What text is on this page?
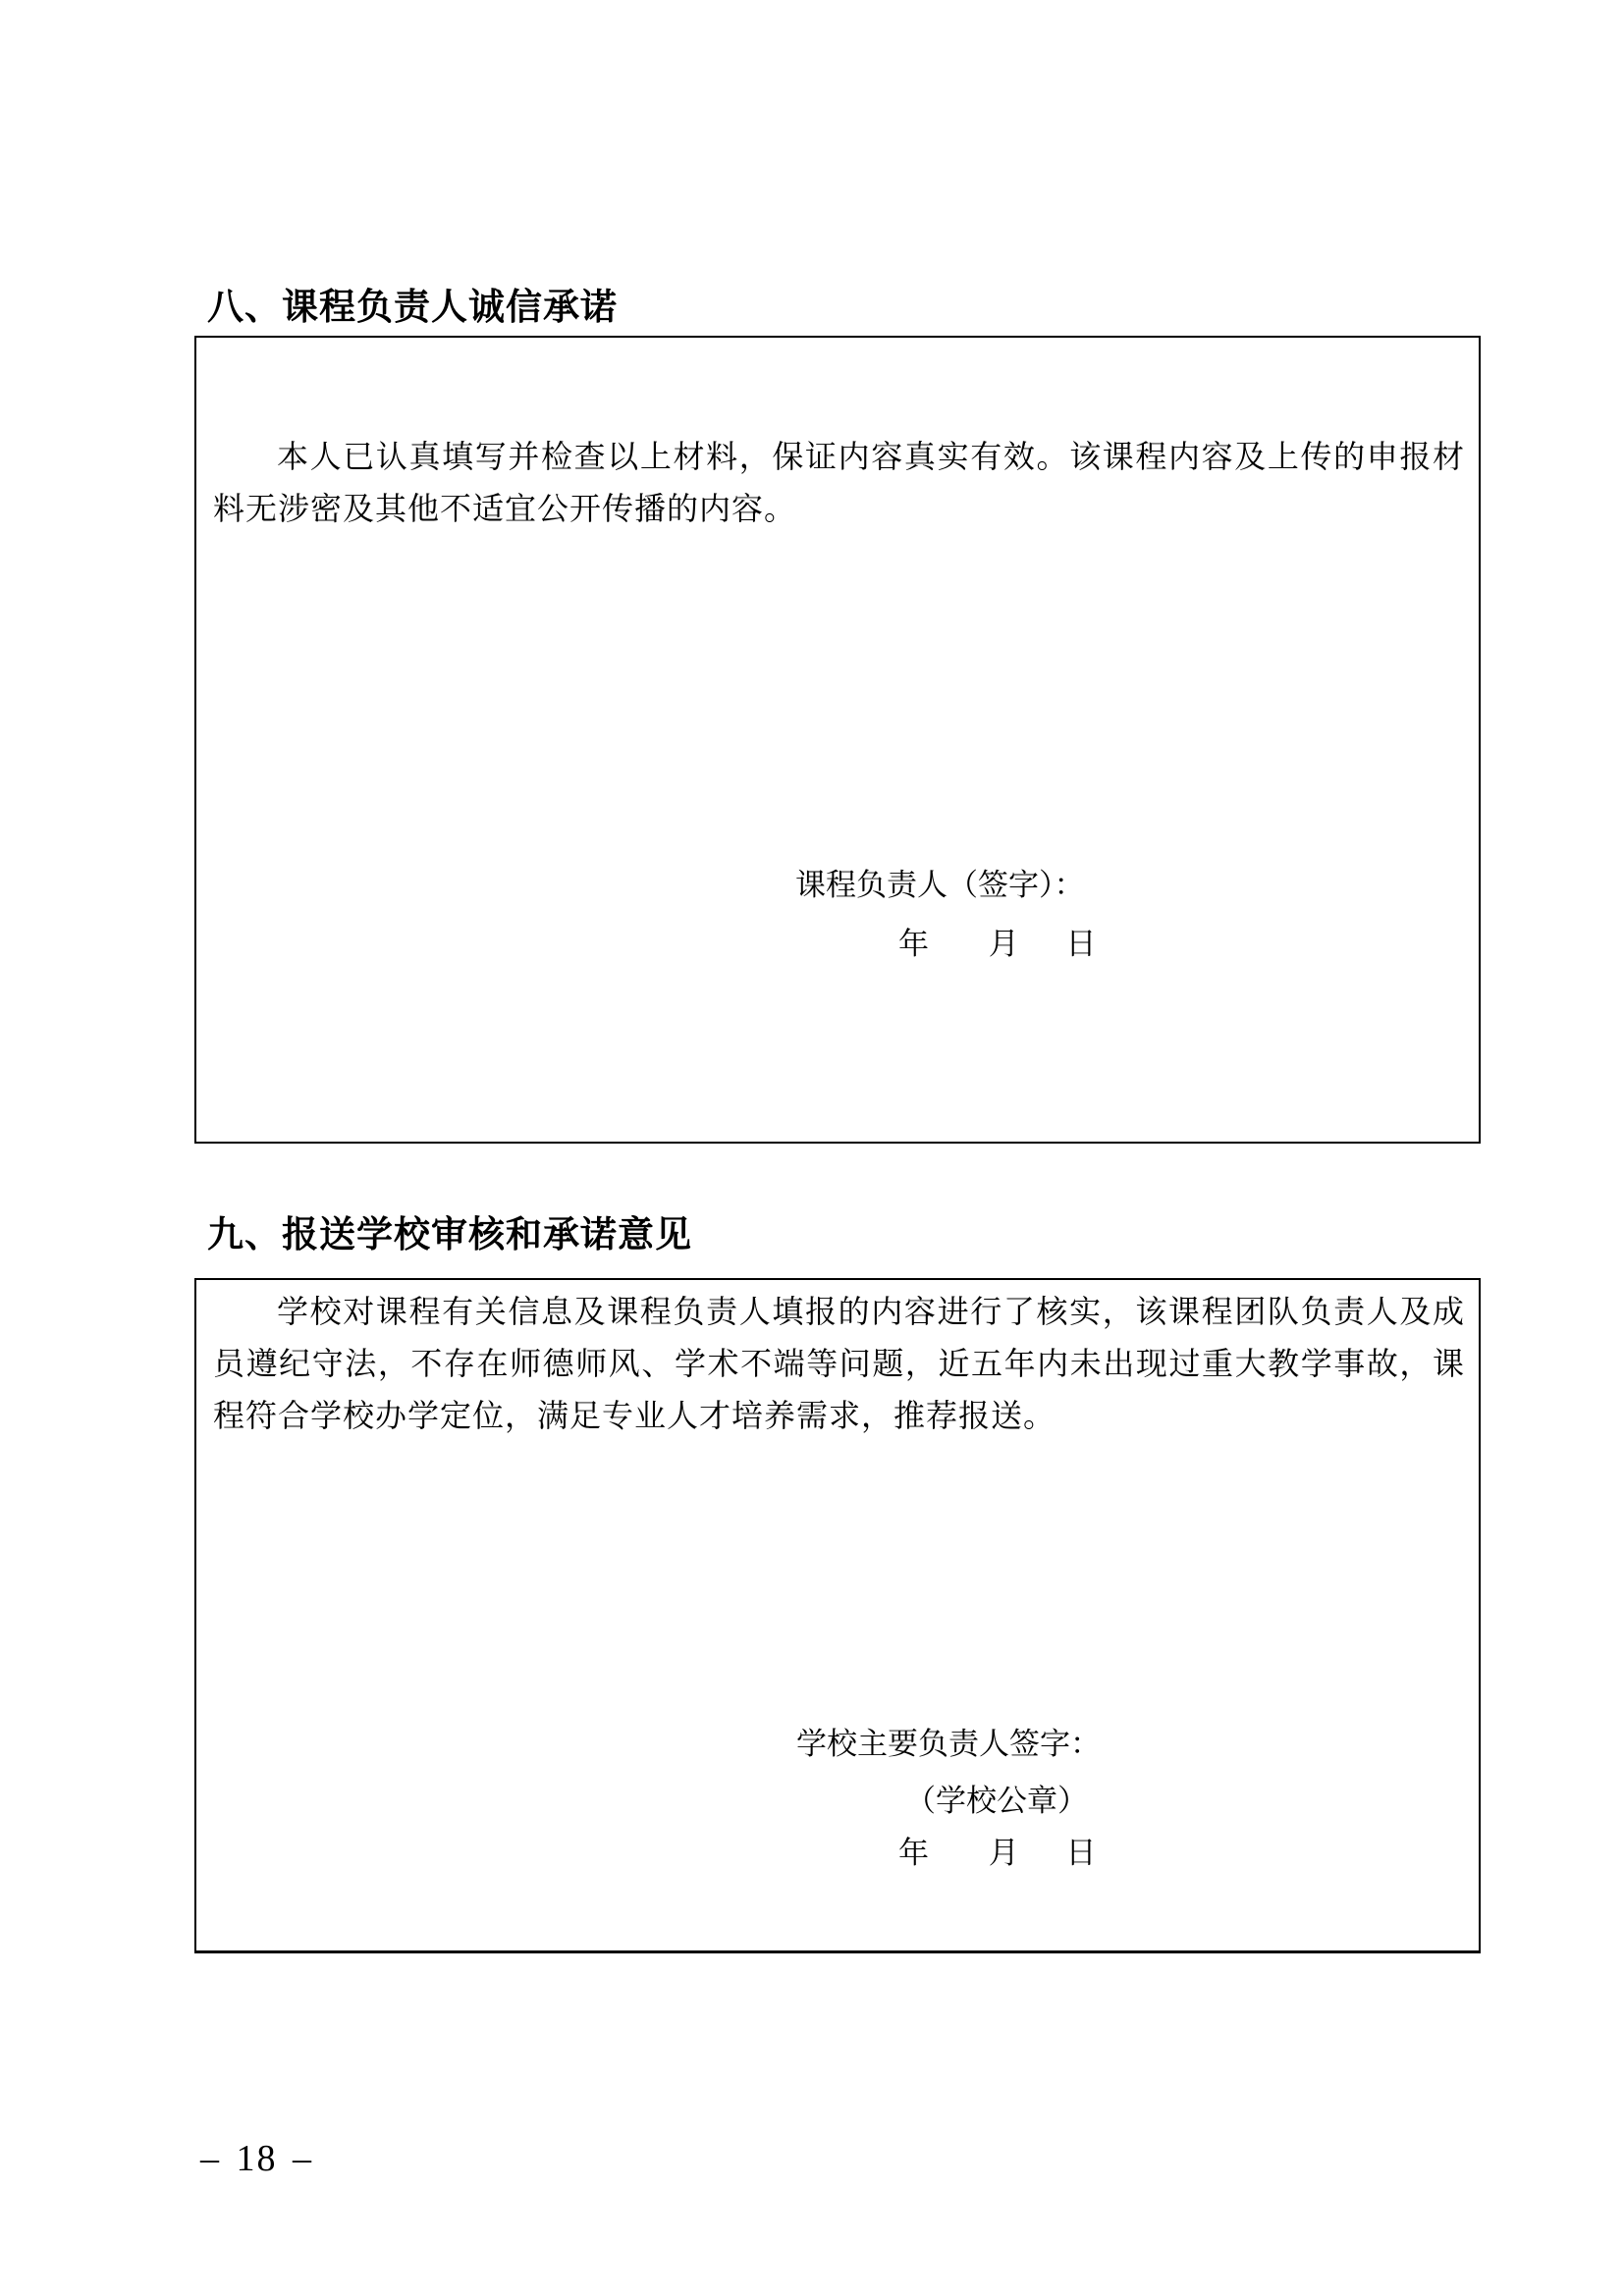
八、课程负责人诚信承诺
本人已认真填写并检查以上材料，保证内容真实有效。该课程内容及上传的申报材料无涉密及其他不适宜公开传播的内容。
课程负责人（签字）：
年 月 日
九、报送学校审核和承诺意见
学校对课程有关信息及课程负责人填报的内容进行了核实，该课程团队负责人及成员遵纪守法，不存在师德师风、学术不端等问题，近五年内未出现过重大教学事故，课程符合学校办学定位，满足专业人才培养需求，推荐报送。
学校主要负责人签字：
（学校公章）
年 月 日
– 18 –
